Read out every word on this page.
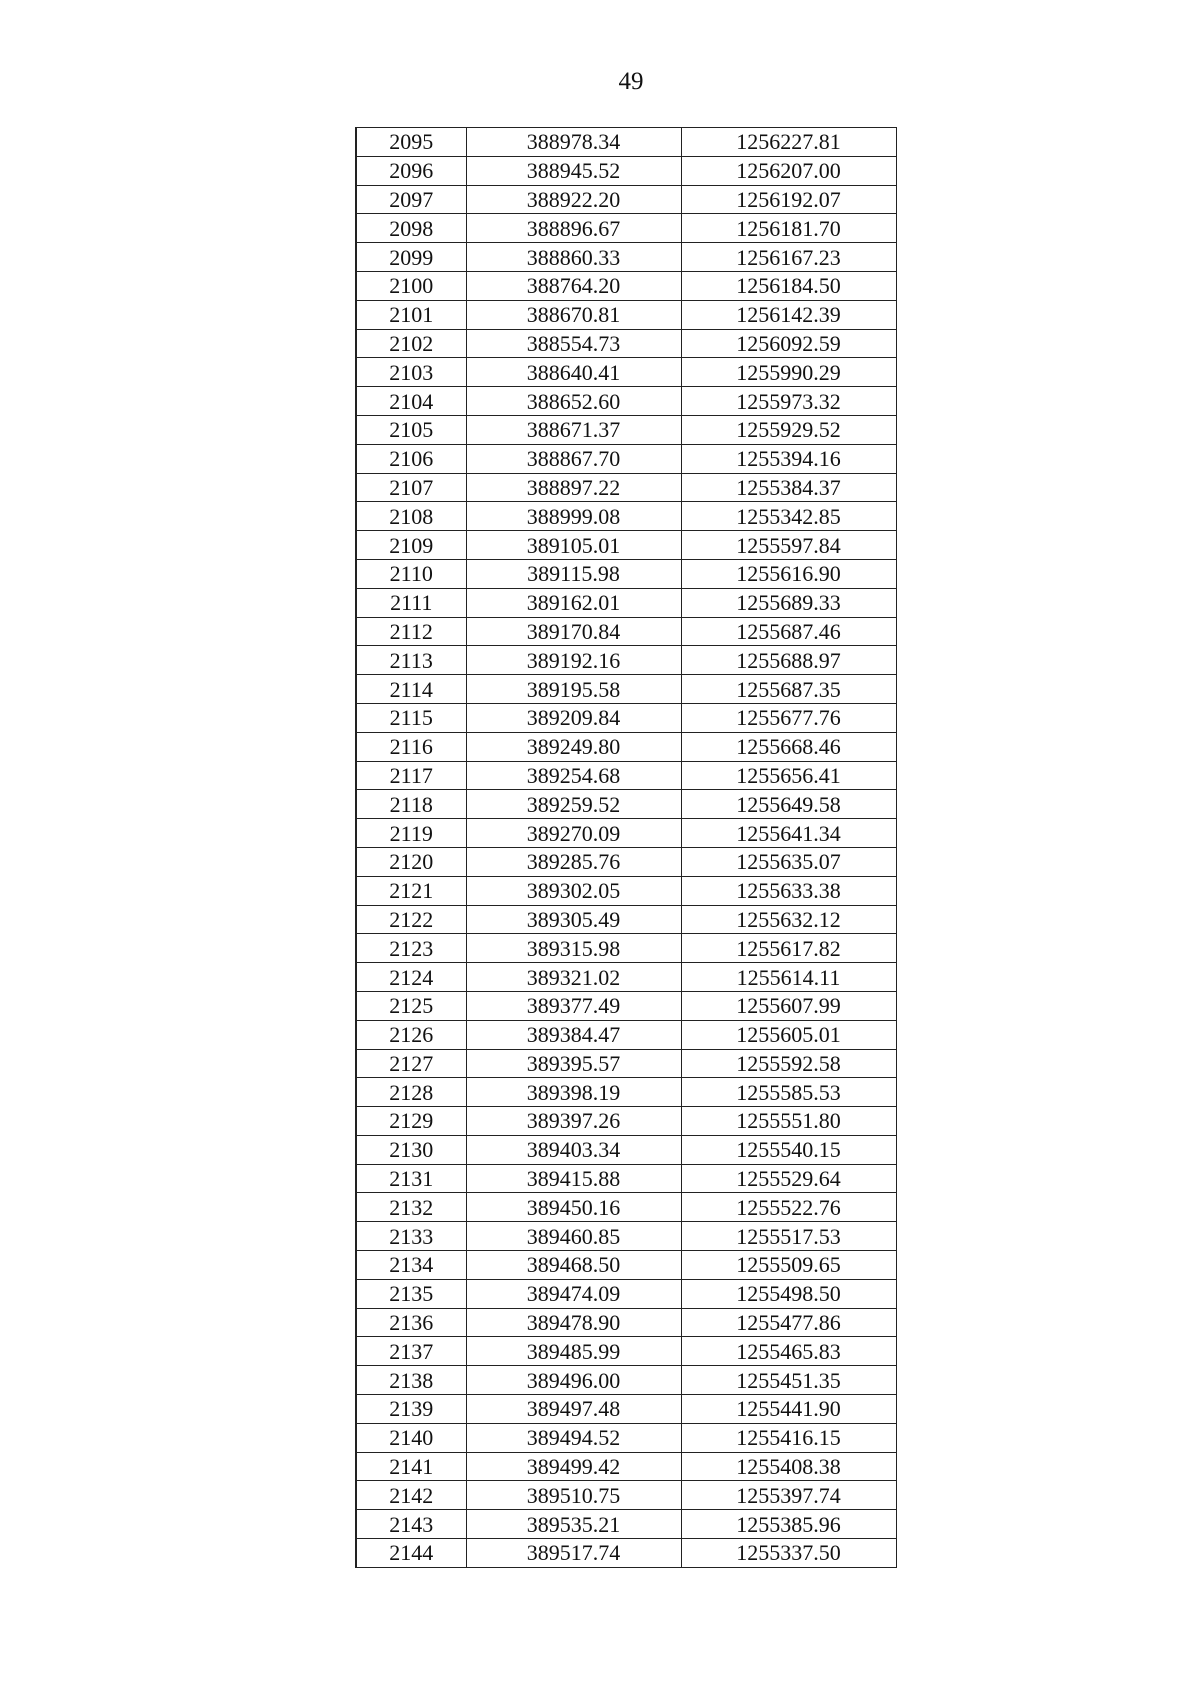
49
2095	388978.34	1256227.81
2096	388945.52	1256207.00
2097	388922.20	1256192.07
2098	388896.67	1256181.70
2099	388860.33	1256167.23
2100	388764.20	1256184.50
2101	388670.81	1256142.39
2102	388554.73	1256092.59
2103	388640.41	1255990.29
2104	388652.60	1255973.32
2105	388671.37	1255929.52
2106	388867.70	1255394.16
2107	388897.22	1255384.37
2108	388999.08	1255342.85
2109	389105.01	1255597.84
2110	389115.98	1255616.90
2111	389162.01	1255689.33
2112	389170.84	1255687.46
2113	389192.16	1255688.97
2114	389195.58	1255687.35
2115	389209.84	1255677.76
2116	389249.80	1255668.46
2117	389254.68	1255656.41
2118	389259.52	1255649.58
2119	389270.09	1255641.34
2120	389285.76	1255635.07
2121	389302.05	1255633.38
2122	389305.49	1255632.12
2123	389315.98	1255617.82
2124	389321.02	1255614.11
2125	389377.49	1255607.99
2126	389384.47	1255605.01
2127	389395.57	1255592.58
2128	389398.19	1255585.53
2129	389397.26	1255551.80
2130	389403.34	1255540.15
2131	389415.88	1255529.64
2132	389450.16	1255522.76
2133	389460.85	1255517.53
2134	389468.50	1255509.65
2135	389474.09	1255498.50
2136	389478.90	1255477.86
2137	389485.99	1255465.83
2138	389496.00	1255451.35
2139	389497.48	1255441.90
2140	389494.52	1255416.15
2141	389499.42	1255408.38
2142	389510.75	1255397.74
2143	389535.21	1255385.96
2144	389517.74	1255337.50
